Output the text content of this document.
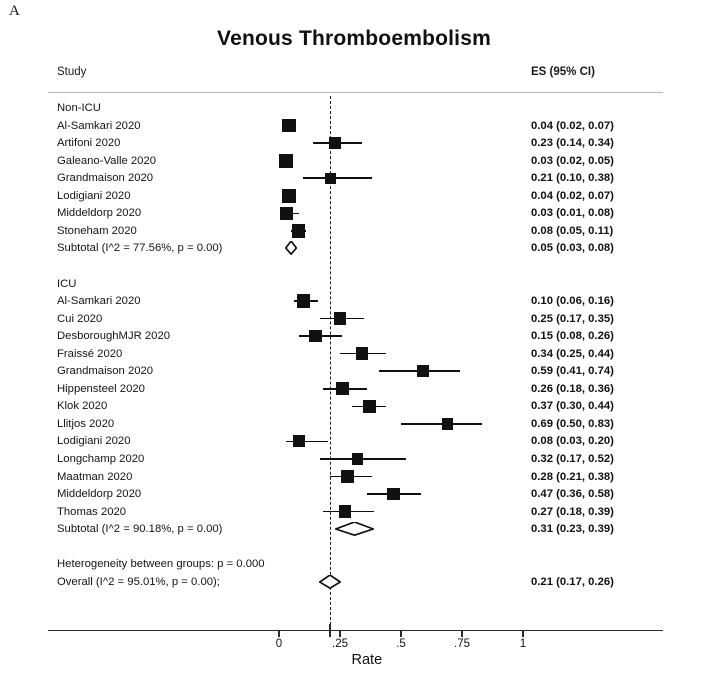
A
Venous Thromboembolism
Study	ES (95% CI)
Non-ICU
Al-Samkari 2020	0.04 (0.02, 0.07)
Artifoni 2020	0.23 (0.14, 0.34)
Galeano-Valle 2020	0.03 (0.02, 0.05)
Grandmaison 2020	0.21 (0.10, 0.38)
Lodigiani 2020	0.04 (0.02, 0.07)
Middeldorp 2020	0.03 (0.01, 0.08)
Stoneham 2020	0.08 (0.05, 0.11)
Subtotal (I^2 = 77.56%, p = 0.00)	0.05 (0.03, 0.08)
ICU
Al-Samkari 2020	0.10 (0.06, 0.16)
Cui 2020	0.25 (0.17, 0.35)
DesboroughMJR 2020	0.15 (0.08, 0.26)
Fraissé 2020	0.34 (0.25, 0.44)
Grandmaison 2020	0.59 (0.41, 0.74)
Hippensteel 2020	0.26 (0.18, 0.36)
Klok 2020	0.37 (0.30, 0.44)
Llitjos 2020	0.69 (0.50, 0.83)
Lodigiani 2020	0.08 (0.03, 0.20)
Longchamp 2020	0.32 (0.17, 0.52)
Maatman 2020	0.28 (0.21, 0.38)
Middeldorp 2020	0.47 (0.36, 0.58)
Thomas 2020	0.27 (0.18, 0.39)
Subtotal (I^2 = 90.18%, p = 0.00)	0.31 (0.23, 0.39)
Heterogeneity between groups: p = 0.000
Overall (I^2 = 95.01%, p = 0.00);	0.21 (0.17, 0.26)
0	.25	.5	.75	1
Rate
